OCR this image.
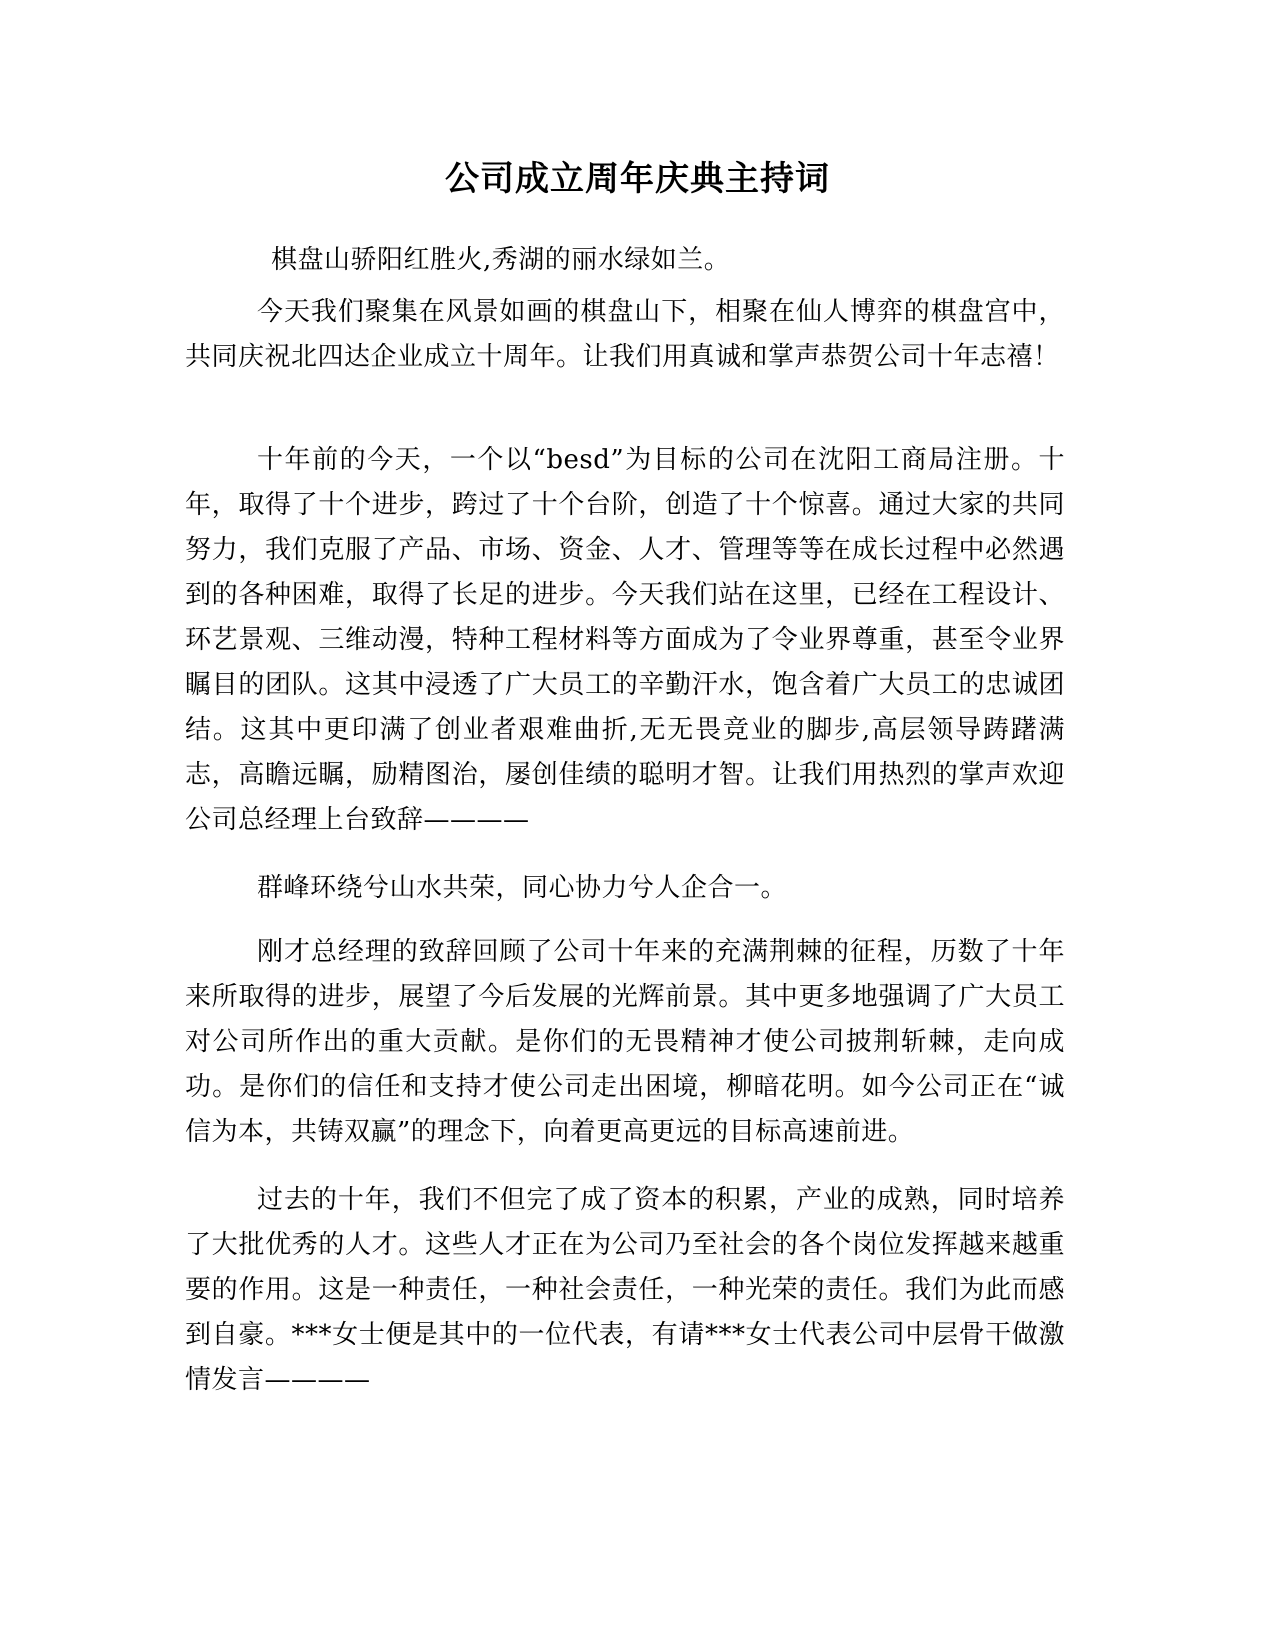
公司成立周年庆典主持词

棋盘山骄阳红胜火,秀湖的丽水绿如兰。

今天我们聚集在风景如画的棋盘山下，相聚在仙人博弈的棋盘宫中，共同庆祝北四达企业成立十周年。让我们用真诚和掌声恭贺公司十年志禧！

十年前的今天，一个以“besd”为目标的公司在沈阳工商局注册。十年，取得了十个进步，跨过了十个台阶，创造了十个惊喜。通过大家的共同努力，我们克服了产品、市场、资金、人才、管理等等在成长过程中必然遇到的各种困难，取得了长足的进步。今天我们站在这里，已经在工程设计、环艺景观、三维动漫，特种工程材料等方面成为了令业界尊重，甚至令业界瞩目的团队。这其中浸透了广大员工的辛勤汗水，饱含着广大员工的忠诚团结。这其中更印满了创业者艰难曲折,无无畏竞业的脚步,高层领导踌躇满志，高瞻远瞩，励精图治，屡创佳绩的聪明才智。让我们用热烈的掌声欢迎公司总经理上台致辞————

群峰环绕兮山水共荣，同心协力兮人企合一。

刚才总经理的致辞回顾了公司十年来的充满荆棘的征程，历数了十年来所取得的进步，展望了今后发展的光辉前景。其中更多地强调了广大员工对公司所作出的重大贡献。是你们的无畏精神才使公司披荆斩棘，走向成功。是你们的信任和支持才使公司走出困境，柳暗花明。如今公司正在“诚信为本，共铸双赢”的理念下，向着更高更远的目标高速前进。

过去的十年，我们不但完了成了资本的积累，产业的成熟，同时培养了大批优秀的人才。这些人才正在为公司乃至社会的各个岗位发挥越来越重要的作用。这是一种责任，一种社会责任，一种光荣的责任。我们为此而感到自豪。***女士便是其中的一位代表，有请***女士代表公司中层骨干做激情发言————
